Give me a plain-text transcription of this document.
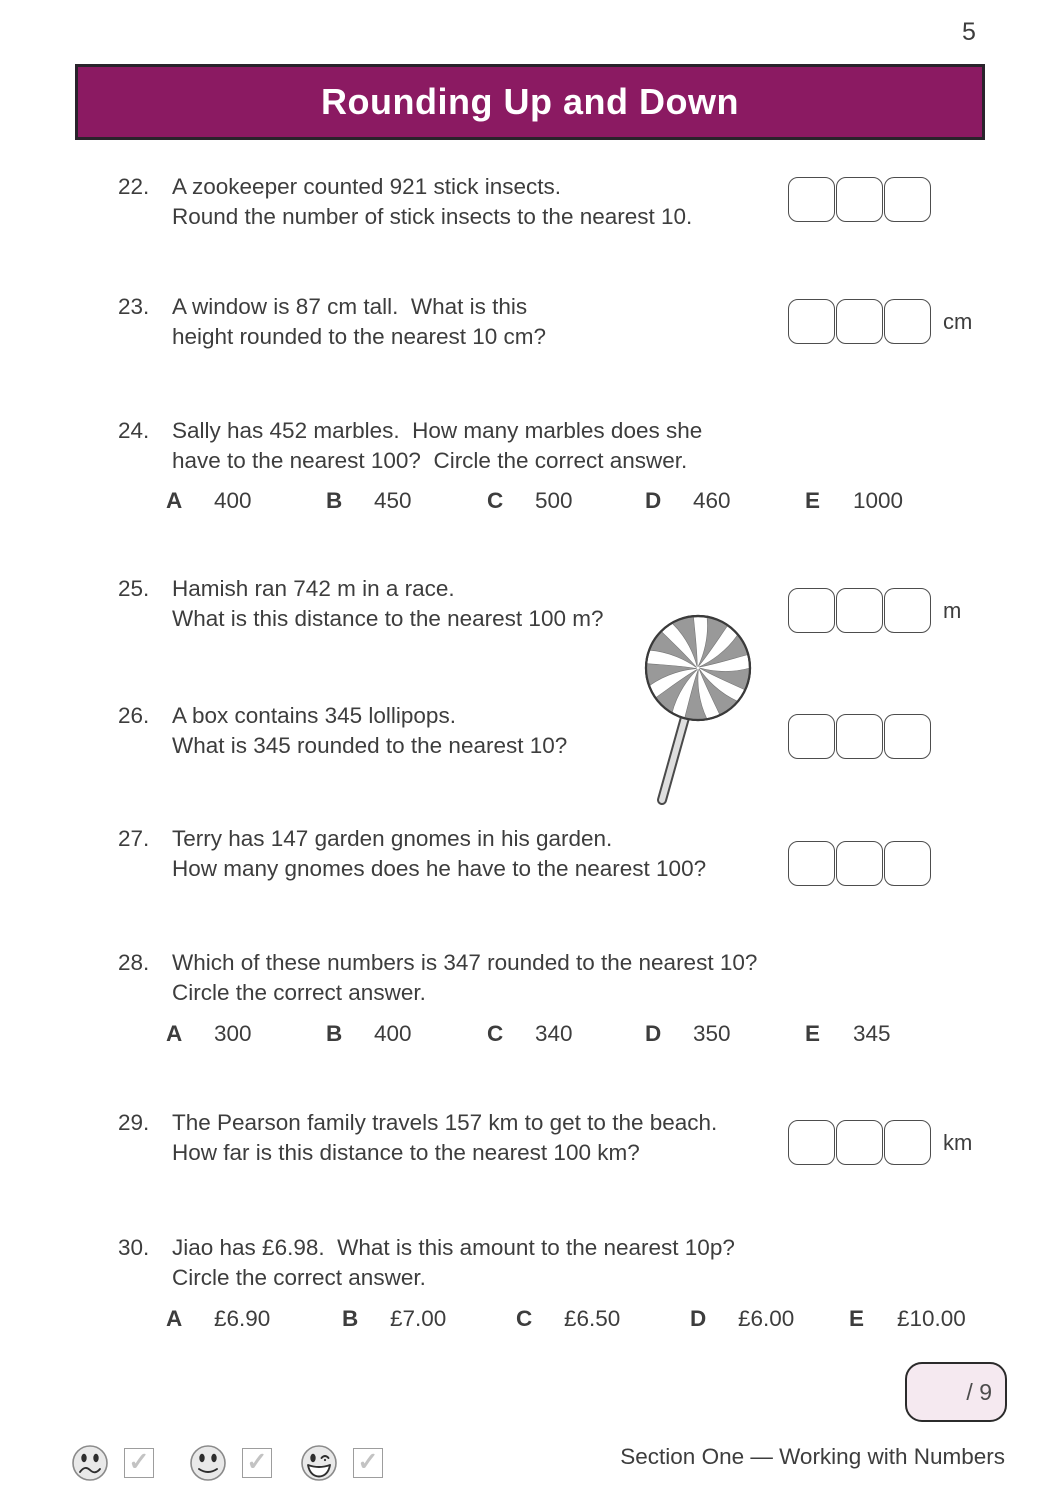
5
Rounding Up and Down
22.	A zookeeper counted 921 stick insects.
Round the number of stick insects to the nearest 10.
23.	A window is 87 cm tall.  What is this
height rounded to the nearest 10 cm?
cm
24.	Sally has 452 marbles.  How many marbles does she
have to the nearest 100?  Circle the correct answer.
A	400	B	450	C	500	D	460	E	1000
25.	Hamish ran 742 m in a race.
What is this distance to the nearest 100 m?	m
26.	A box contains 345 lollipops.
What is 345 rounded to the nearest 10?
27.	Terry has 147 garden gnomes in his garden.
How many gnomes does he have to the nearest 100?
28.	Which of these numbers is 347 rounded to the nearest 10?
Circle the correct answer.
A	300	B	400	C	340	D	350	E	345
29.	The Pearson family travels 157 km to get to the beach.
How far is this distance to the nearest 100 km?	km
30.	Jiao has £6.98.  What is this amount to the nearest 10p?
Circle the correct answer.
A	£6.90	B	£7.00	C	£6.50	D	£6.00 E	£10.00
/ 9
✓	✓	✓	Section One — Working with Numbers
